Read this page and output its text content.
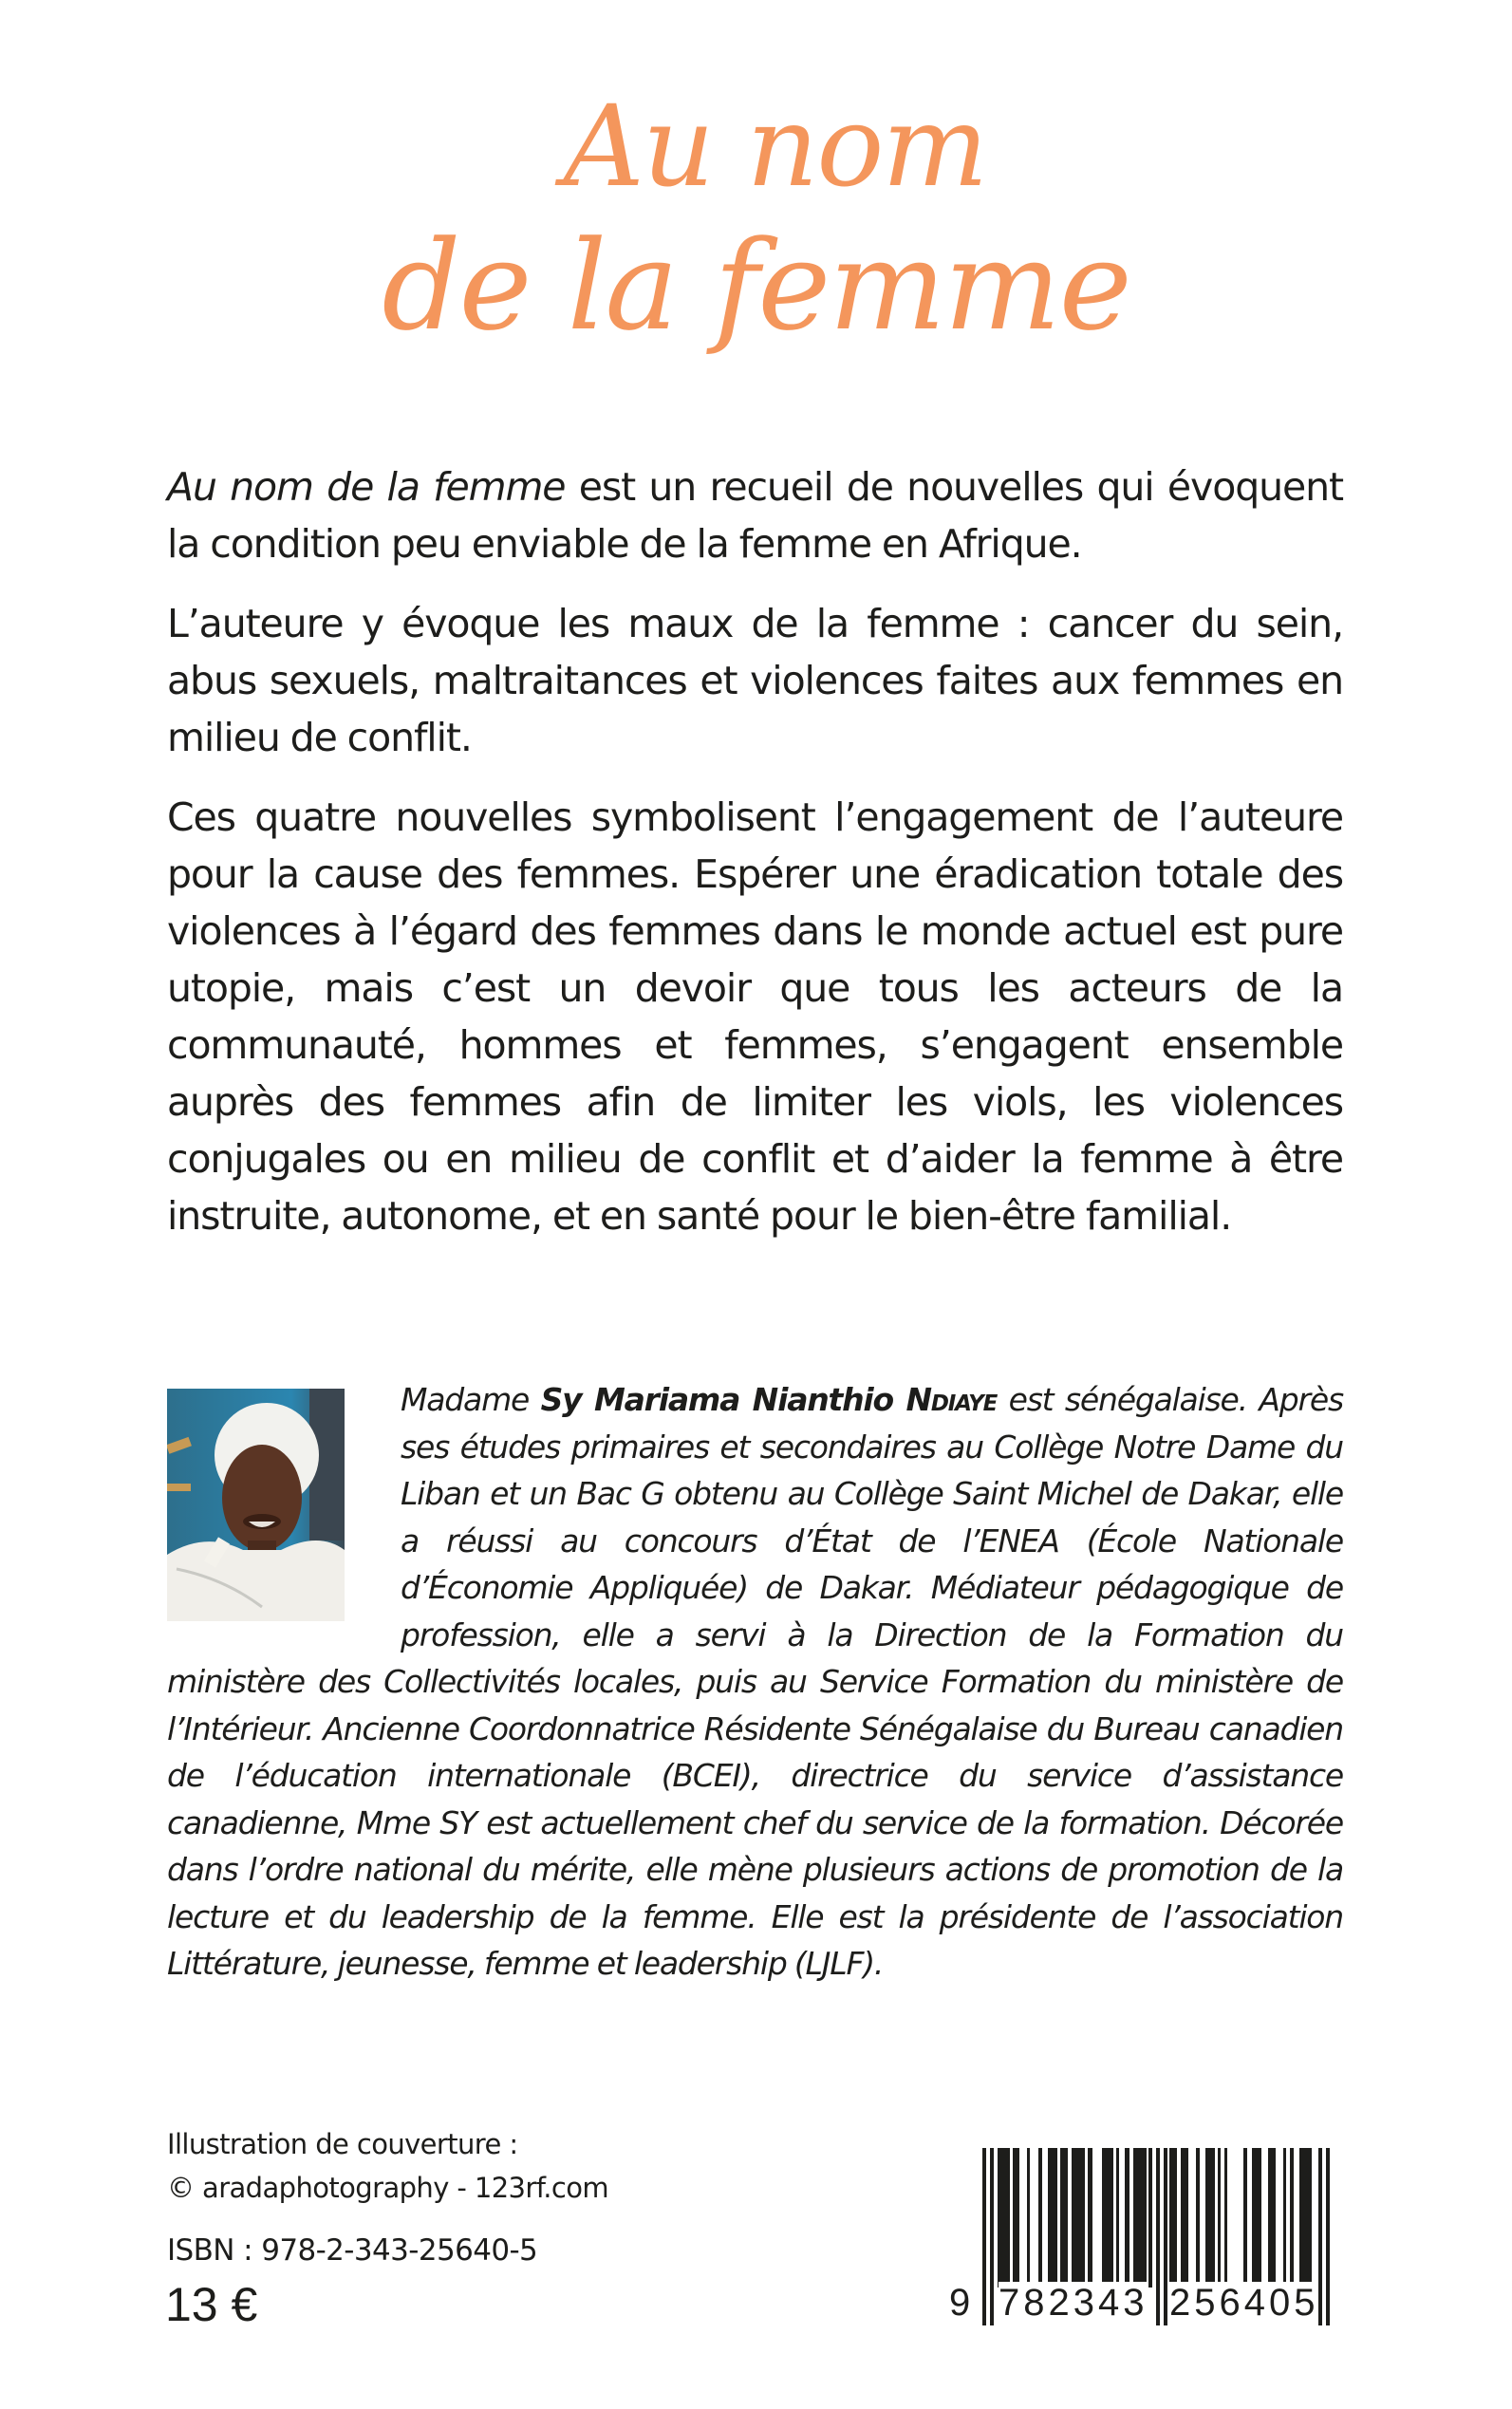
Au nom
de la femme

Au nom de la femme est un recueil de nouvelles qui évoquent la condition peu enviable de la femme en Afrique.

L’auteure y évoque les maux de la femme : cancer du sein, abus sexuels, maltraitances et violences faites aux femmes en milieu de conflit.

Ces quatre nouvelles symbolisent l’engagement de l’auteure pour la cause des femmes. Espérer une éradication totale des violences à l’égard des femmes dans le monde actuel est pure utopie, mais c’est un devoir que tous les acteurs de la communauté, hommes et femmes, s’engagent ensemble auprès des femmes afin de limiter les viols, les violences conjugales ou en milieu de conflit et d’aider la femme à être instruite, autonome, et en santé pour le bien-être familial.

Madame Sy Mariama Nianthio Ndiaye est sénégalaise. Après ses études primaires et secondaires au Collège Notre Dame du Liban et un Bac G obtenu au Collège Saint Michel de Dakar, elle a réussi au concours d’État de l’ENEA (École Nationale d’Économie Appliquée) de Dakar. Médiateur pédagogique de profession, elle a servi à la Direction de la Formation du ministère des Collectivités locales, puis au Service Formation du ministère de l’Intérieur. Ancienne Coordonnatrice Résidente Sénégalaise du Bureau canadien de l’éducation internationale (BCEI), directrice du service d’assistance canadienne, Mme SY est actuellement chef du service de la formation. Décorée dans l’ordre national du mérite, elle mène plusieurs actions de promotion de la lecture et du leadership de la femme. Elle est la présidente de l’association Littérature, jeunesse, femme et leadership (LJLF).

Illustration de couverture :
© aradaphotography - 123rf.com
ISBN : 978-2-343-25640-5
13 €	9 782343 256405
